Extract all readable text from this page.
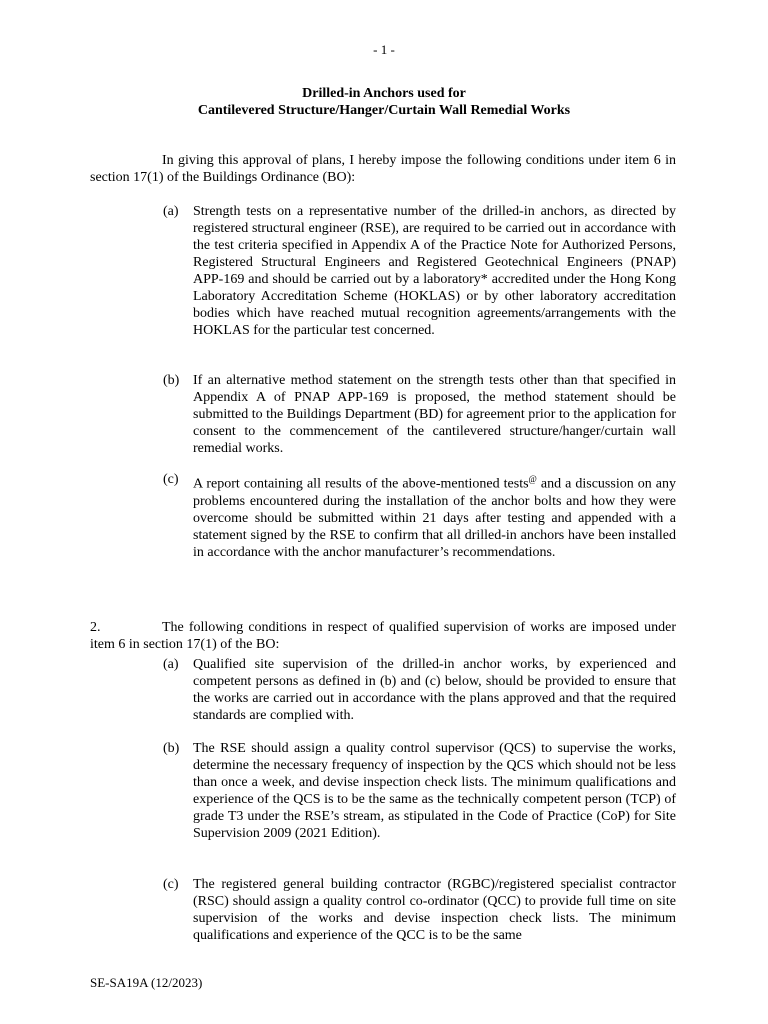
- 1 -
Drilled-in Anchors used for
Cantilevered Structure/Hanger/Curtain Wall Remedial Works

In giving this approval of plans, I hereby impose the following conditions under item 6 in section 17(1) of the Buildings Ordinance (BO):

(a)	Strength tests on a representative number of the drilled-in anchors, as directed by registered structural engineer (RSE), are required to be carried out in accordance with the test criteria specified in Appendix A of the Practice Note for Authorized Persons, Registered Structural Engineers and Registered Geotechnical Engineers (PNAP) APP-169 and should be carried out by a laboratory* accredited under the Hong Kong Laboratory Accreditation Scheme (HOKLAS) or by other laboratory accreditation bodies which have reached mutual recognition agreements/arrangements with the HOKLAS for the particular test concerned.

(b) If an alternative method statement on the strength tests other than that specified in Appendix A of PNAP APP-169 is proposed, the method statement should be submitted to the Buildings Department (BD) for agreement prior to the application for consent to the commencement of the cantilevered structure/hanger/curtain wall remedial works.

(c)	A report containing all results of the above-mentioned tests@ and a discussion on any problems encountered during the installation of the anchor bolts and how they were overcome should be submitted within 21 days after testing and appended with a statement signed by the RSE to confirm that all drilled-in anchors have been installed in accordance with the anchor manufacturer’s recommendations.

2.	The following conditions in respect of qualified supervision of works are imposed under item 6 in section 17(1) of the BO:

(a)	Qualified site supervision of the drilled-in anchor works, by experienced and competent persons as defined in (b) and (c) below, should be provided to ensure that the works are carried out in accordance with the plans approved and that the required standards are complied with.

(b) The RSE should assign a quality control supervisor (QCS) to supervise the works, determine the necessary frequency of inspection by the QCS which should not be less than once a week, and devise inspection check lists. The minimum qualifications and experience of the QCS is to be the same as the technically competent person (TCP) of grade T3 under the RSE’s stream, as stipulated in the Code of Practice (CoP) for Site Supervision 2009 (2021 Edition).

(c)	The registered general building contractor (RGBC)/registered specialist contractor (RSC) should assign a quality control co-ordinator (QCC) to provide full time on site supervision of the works and devise inspection check lists. The minimum qualifications and experience of the QCC is to be the same

SE-SA19A (12/2023)
